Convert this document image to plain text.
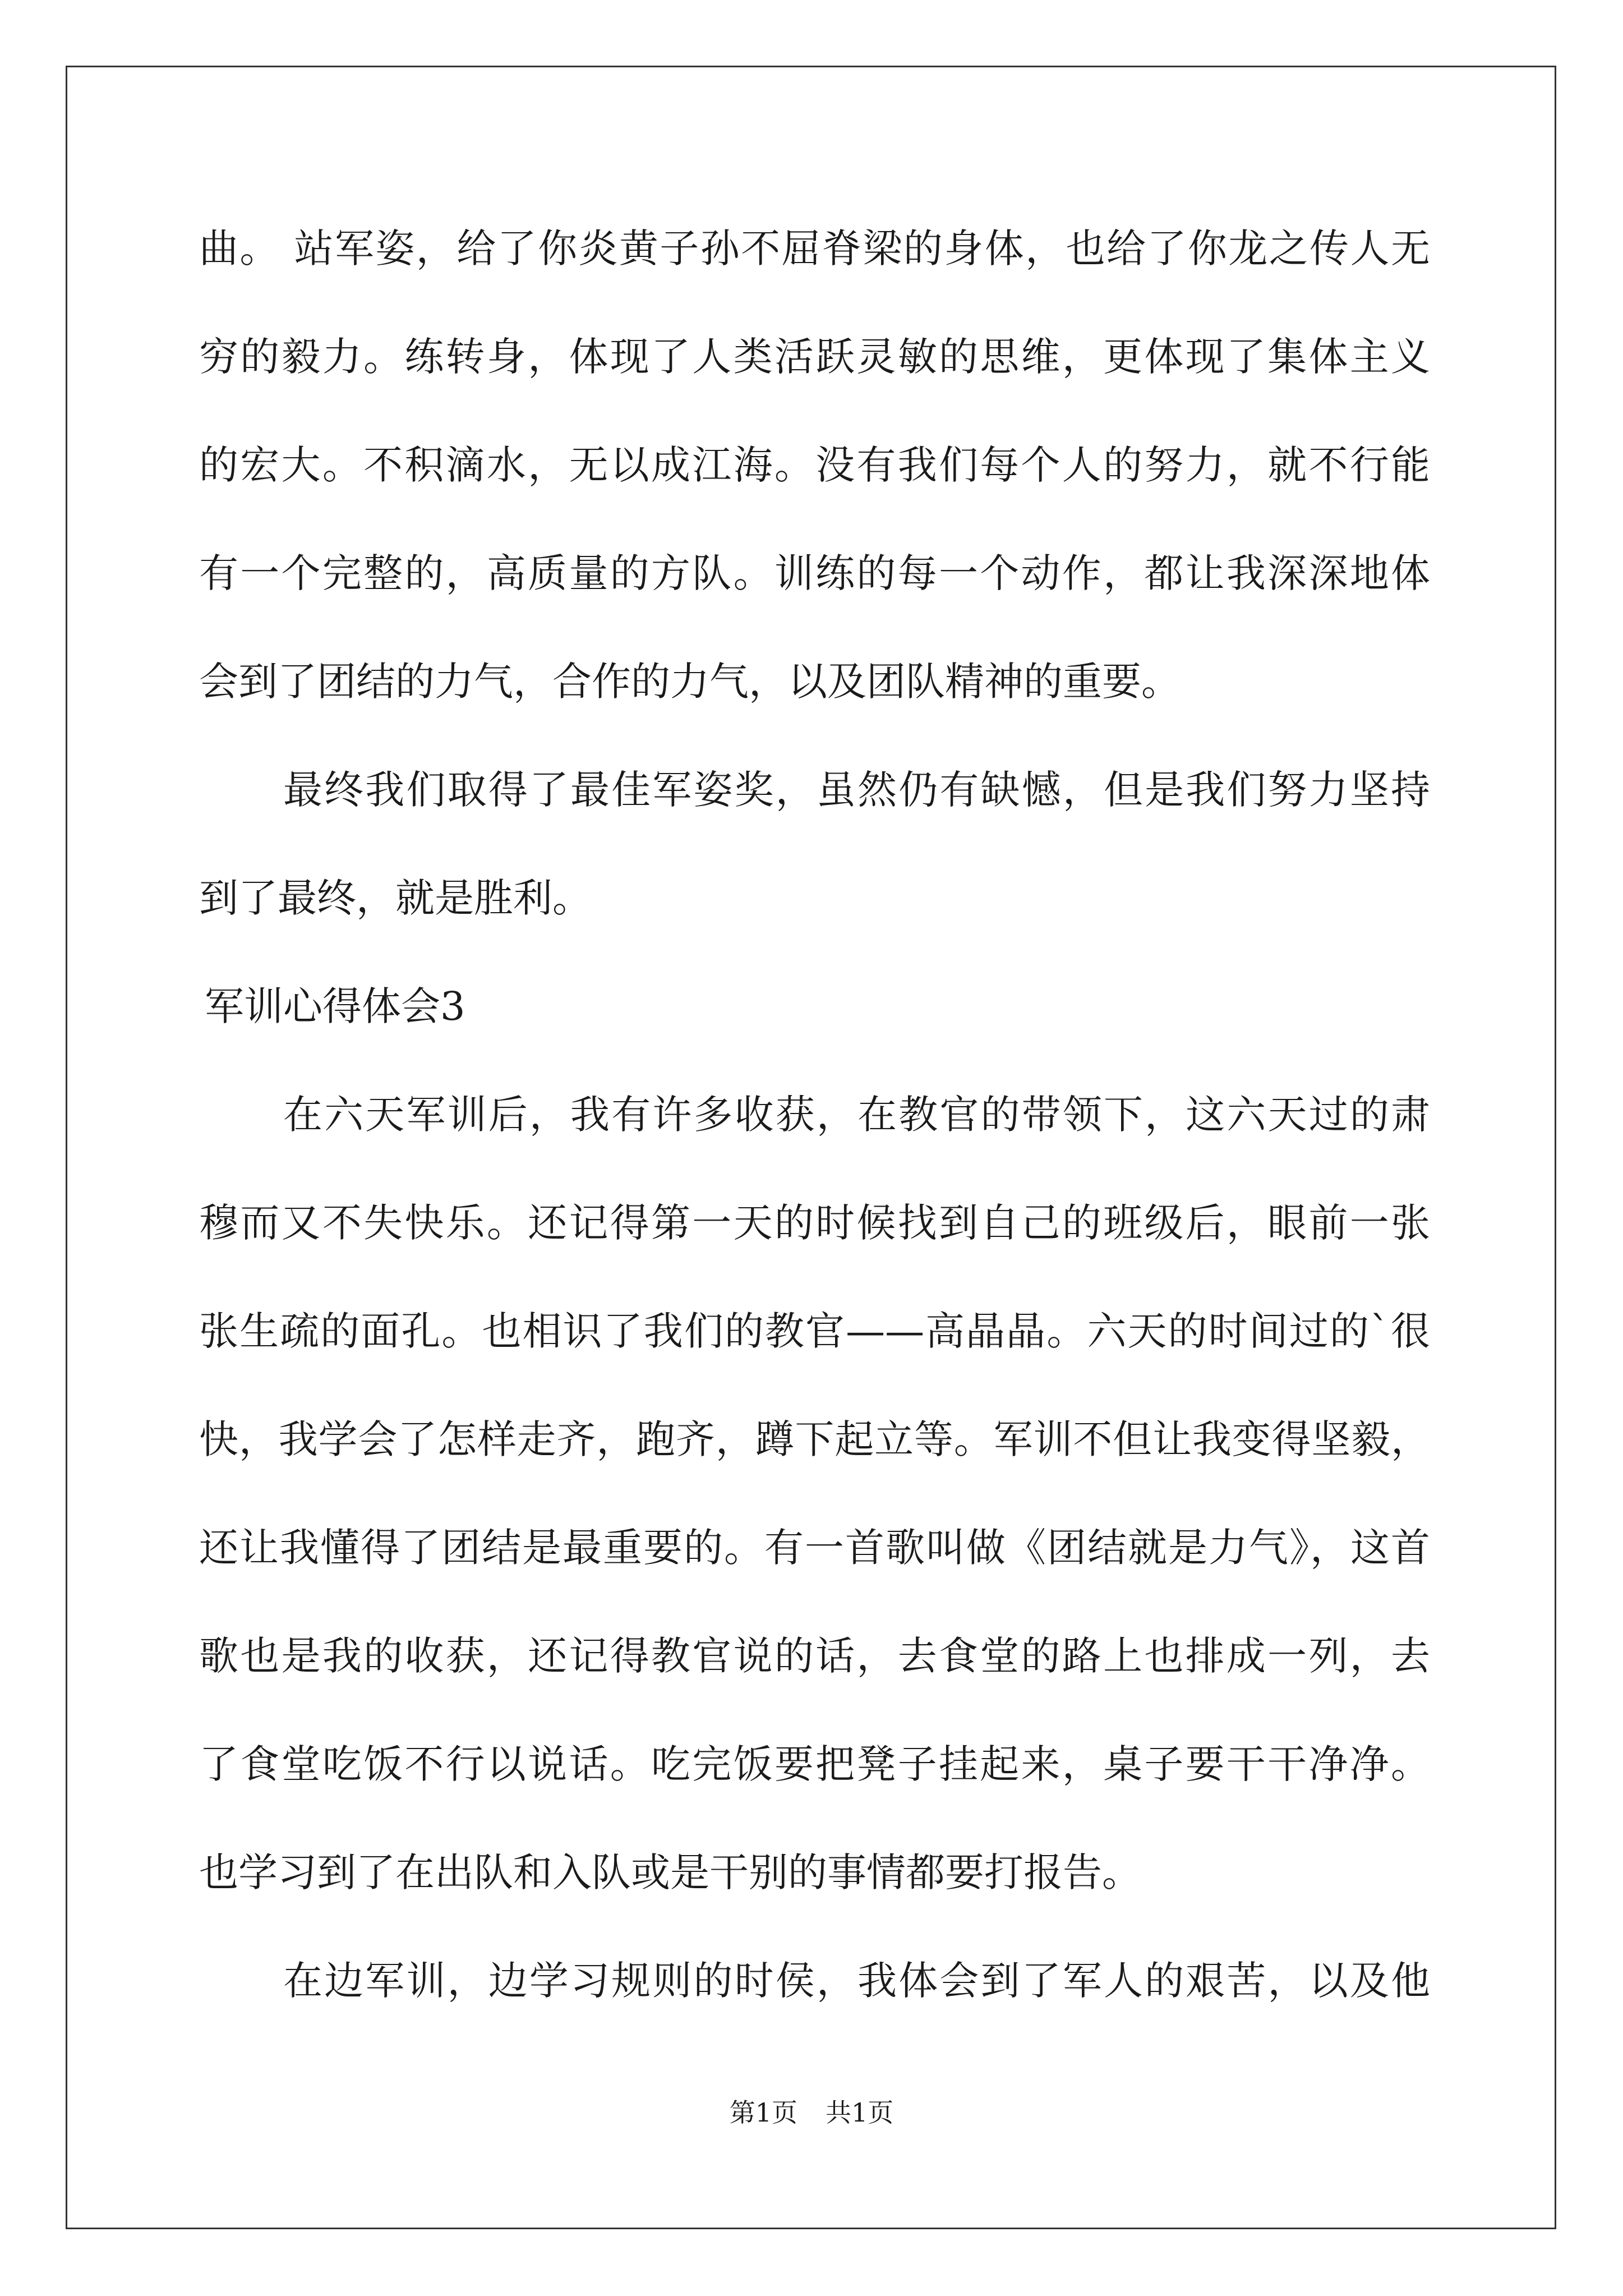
曲。 站军姿，给了你炎黄子孙不屈脊梁的身体，也给了你龙之传人无
穷的毅力。练转身，体现了人类活跃灵敏的思维，更体现了集体主义
的宏大。不积滴水，无以成江海。没有我们每个人的努力，就不行能
有一个完整的，高质量的方队。训练的每一个动作，都让我深深地体
会到了团结的力气，合作的力气，以及团队精神的重要。
最终我们取得了最佳军姿奖，虽然仍有缺憾，但是我们努力坚持
到了最终，就是胜利。
军训心得体会3
在六天军训后，我有许多收获，在教官的带领下，这六天过的肃
穆而又不失快乐。还记得第一天的时候找到自己的班级后，眼前一张
张生疏的面孔。也相识了我们的教官——高晶晶。六天的时间过的`很
快，我学会了怎样走齐，跑齐，蹲下起立等。军训不但让我变得坚毅，
还让我懂得了团结是最重要的。有一首歌叫做《团结就是力气》，这首
歌也是我的收获，还记得教官说的话，去食堂的路上也排成一列，去
了食堂吃饭不行以说话。吃完饭要把凳子挂起来，桌子要干干净净。
也学习到了在出队和入队或是干别的事情都要打报告。
在边军训，边学习规则的时侯，我体会到了军人的艰苦，以及他
第1页 共1页
